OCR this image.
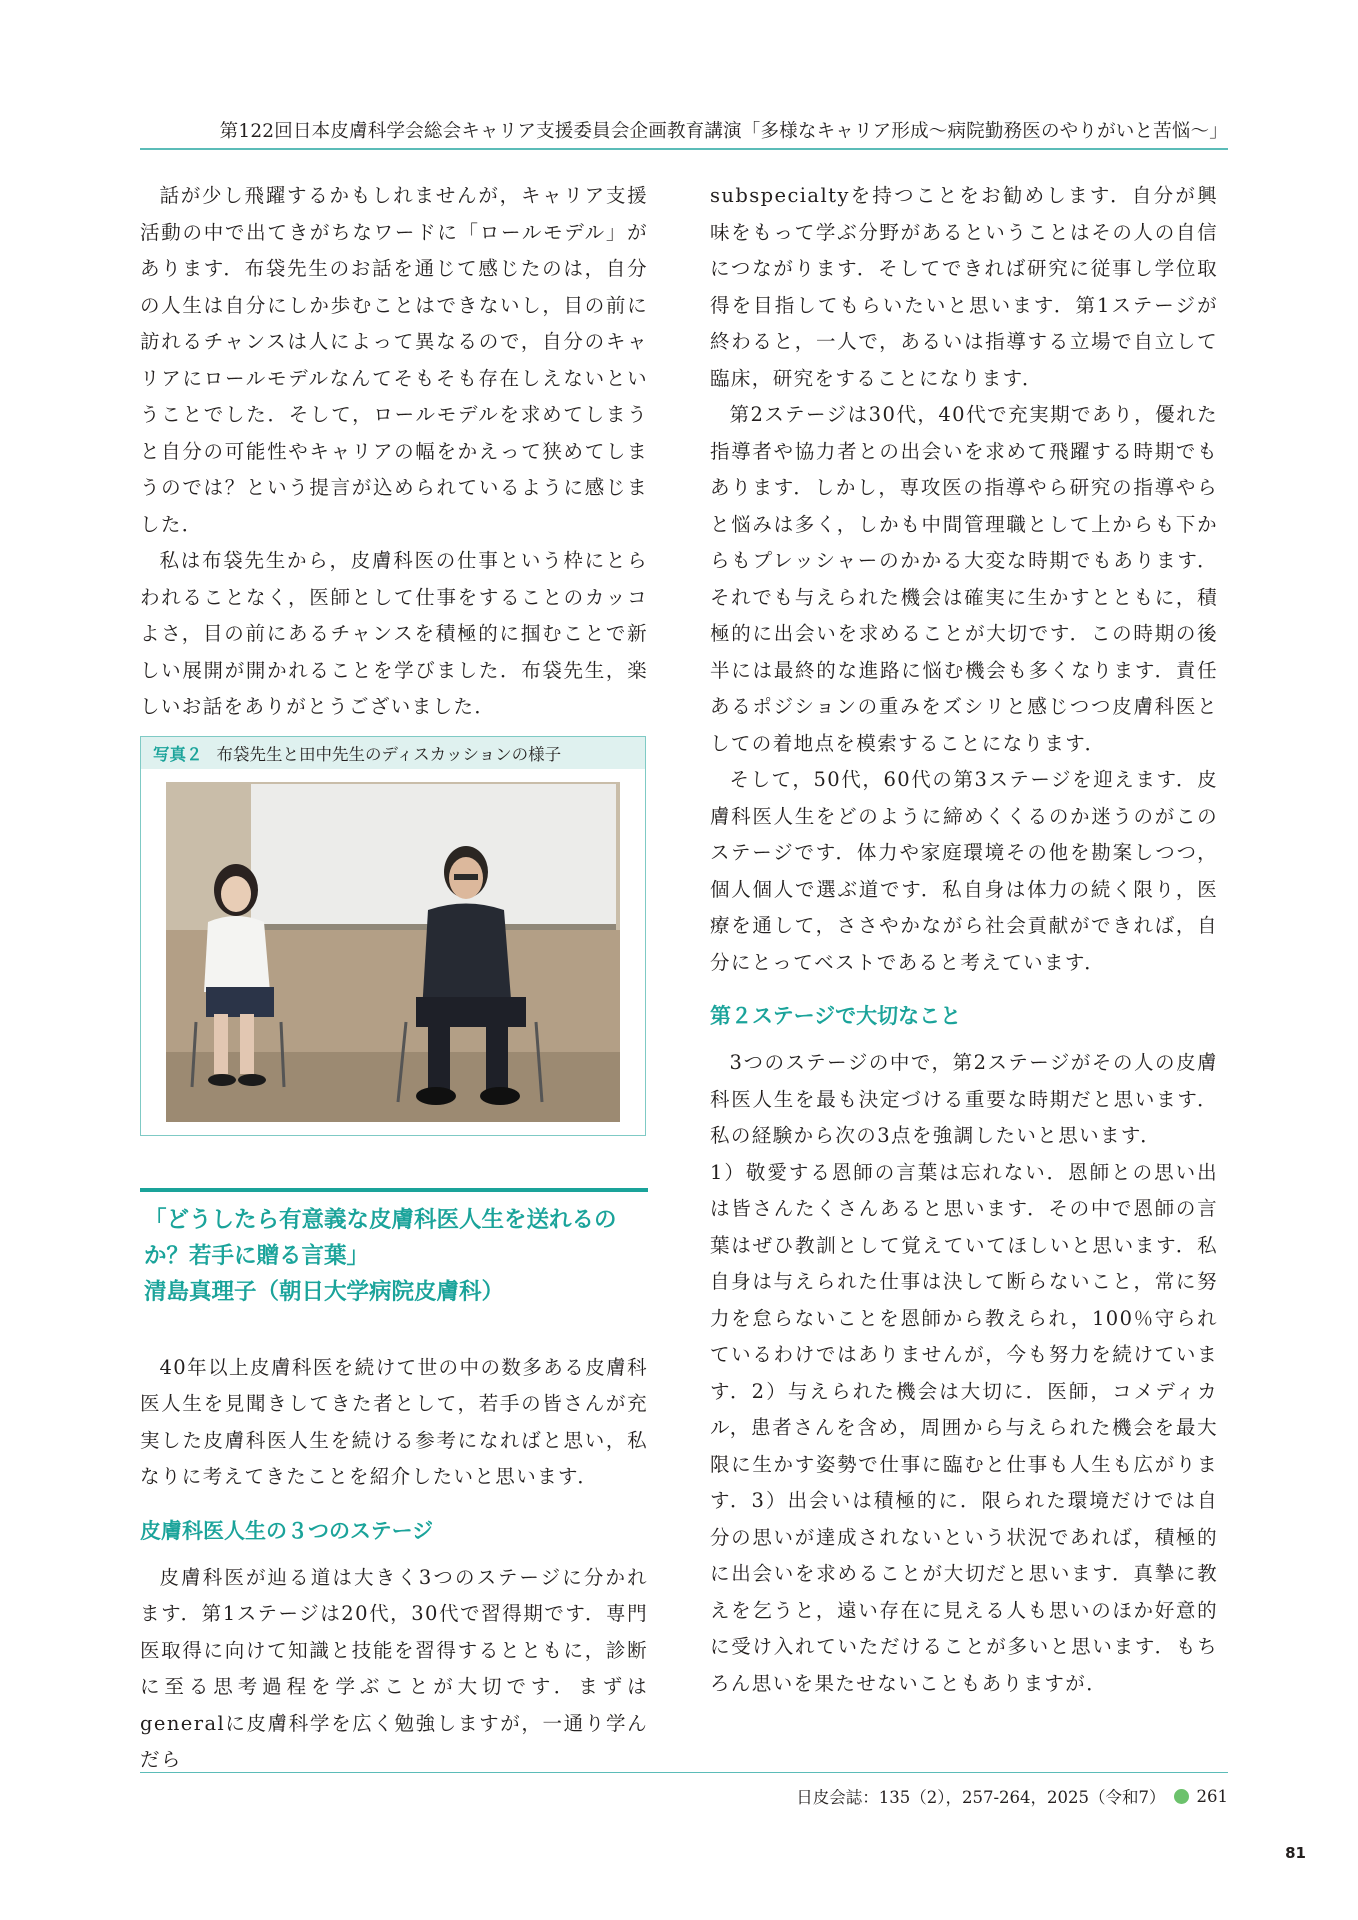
第122回日本皮膚科学会総会キャリア支援委員会企画教育講演「多様なキャリア形成～病院勤務医のやりがいと苦悩～」

話が少し飛躍するかもしれませんが，キャリア支援活動の中で出てきがちなワードに「ロールモデル」があります．布袋先生のお話を通じて感じたのは，自分の人生は自分にしか歩むことはできないし，目の前に訪れるチャンスは人によって異なるので，自分のキャリアにロールモデルなんてそもそも存在しえないということでした．そして，ロールモデルを求めてしまうと自分の可能性やキャリアの幅をかえって狭めてしまうのでは？という提言が込められているように感じました．

私は布袋先生から，皮膚科医の仕事という枠にとらわれることなく，医師として仕事をすることのカッコよさ，目の前にあるチャンスを積極的に掴むことで新しい展開が開かれることを学びました．布袋先生，楽しいお話をありがとうございました．

写真２ 布袋先生と田中先生のディスカッションの様子

「どうしたら有意義な皮膚科医人生を送れるのか？若手に贈る言葉」

清島真理子（朝日大学病院皮膚科）

40年以上皮膚科医を続けて世の中の数多ある皮膚科医人生を見聞きしてきた者として，若手の皆さんが充実した皮膚科医人生を続ける参考になればと思い，私なりに考えてきたことを紹介したいと思います．

皮膚科医人生の３つのステージ

皮膚科医が辿る道は大きく3つのステージに分かれます．第1ステージは20代，30代で習得期です．専門医取得に向けて知識と技能を習得するとともに，診断に至る思考過程を学ぶことが大切です．まずはgeneralに皮膚科学を広く勉強しますが，一通り学んだら

subspecialtyを持つことをお勧めします．自分が興味をもって学ぶ分野があるということはその人の自信につながります．そしてできれば研究に従事し学位取得を目指してもらいたいと思います．第1ステージが終わると，一人で，あるいは指導する立場で自立して臨床，研究をすることになります．

第2ステージは30代，40代で充実期であり，優れた指導者や協力者との出会いを求めて飛躍する時期でもあります．しかし，専攻医の指導やら研究の指導やらと悩みは多く，しかも中間管理職として上からも下からもプレッシャーのかかる大変な時期でもあります．それでも与えられた機会は確実に生かすとともに，積極的に出会いを求めることが大切です．この時期の後半には最終的な進路に悩む機会も多くなります．責任あるポジションの重みをズシリと感じつつ皮膚科医としての着地点を模索することになります．

そして，50代，60代の第3ステージを迎えます．皮膚科医人生をどのように締めくくるのか迷うのがこのステージです．体力や家庭環境その他を勘案しつつ，個人個人で選ぶ道です．私自身は体力の続く限り，医療を通して，ささやかながら社会貢献ができれば，自分にとってベストであると考えています．

第２ステージで大切なこと

3つのステージの中で，第2ステージがその人の皮膚科医人生を最も決定づける重要な時期だと思います．私の経験から次の3点を強調したいと思います．

1）敬愛する恩師の言葉は忘れない．恩師との思い出は皆さんたくさんあると思います．その中で恩師の言葉はぜひ教訓として覚えていてほしいと思います．私自身は与えられた仕事は決して断らないこと，常に努力を怠らないことを恩師から教えられ，100％守られているわけではありませんが，今も努力を続けています．2）与えられた機会は大切に．医師，コメディカル，患者さんを含め，周囲から与えられた機会を最大限に生かす姿勢で仕事に臨むと仕事も人生も広がります．3）出会いは積極的に．限られた環境だけでは自分の思いが達成されないという状況であれば，積極的に出会いを求めることが大切だと思います．真摯に教えを乞うと，遠い存在に見える人も思いのほか好意的に受け入れていただけることが多いと思います．もちろん思いを果たせないこともありますが．

日皮会誌：135（2），257-264，2025（令和7） 261
81
